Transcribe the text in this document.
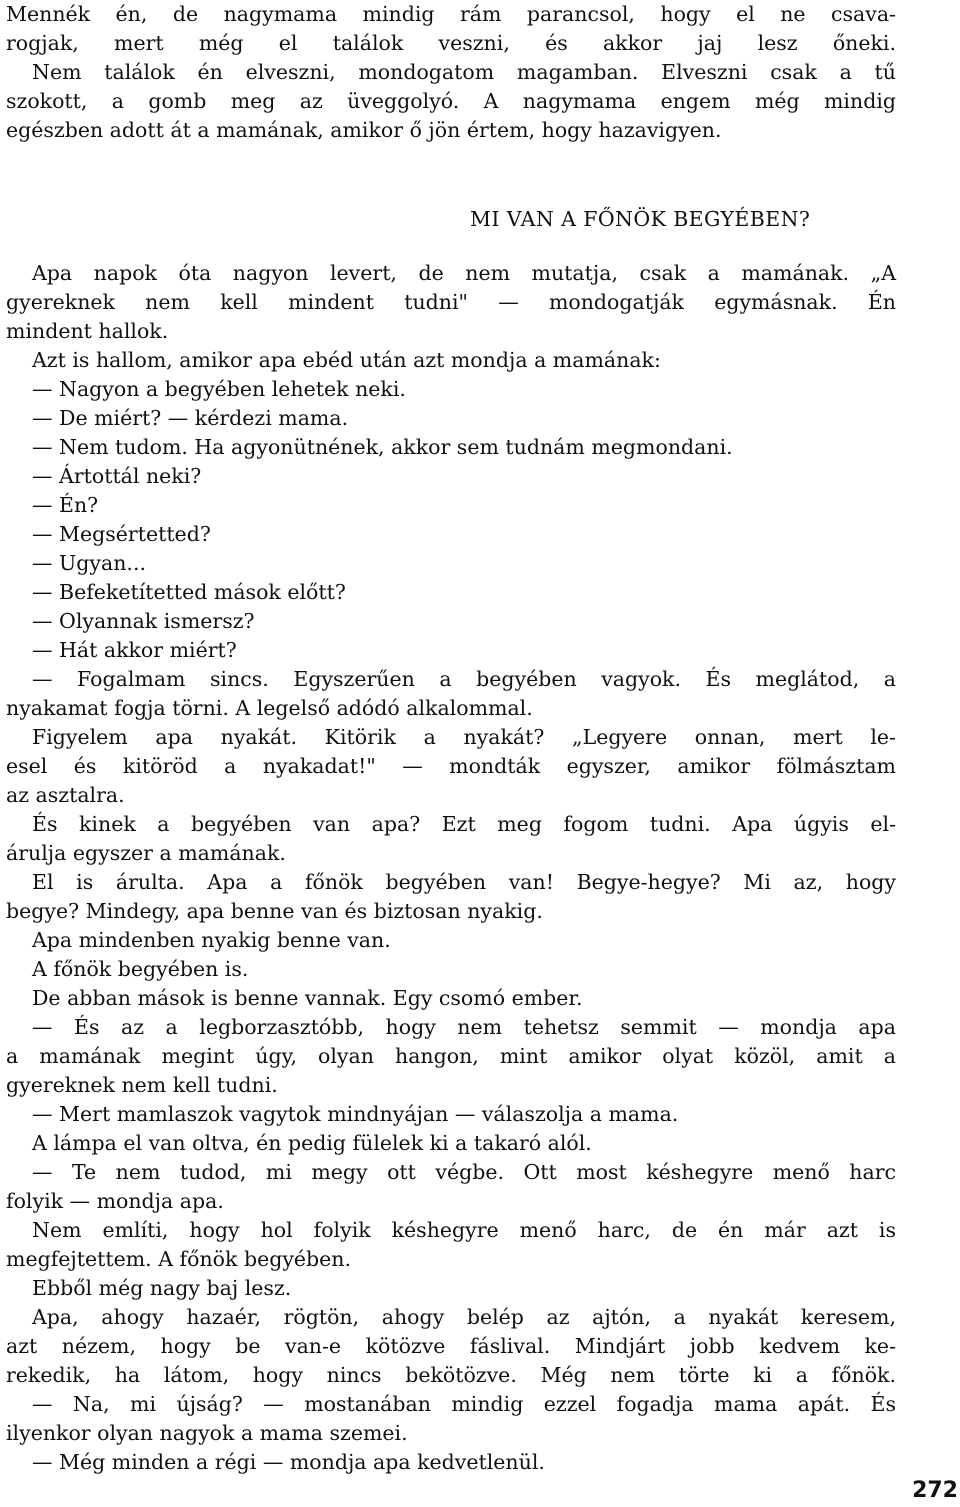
Mennék én, de nagymama mindig rám parancsol, hogy el ne csava-
rogjak, mert még el találok veszni, és akkor jaj lesz őneki.
Nem találok én elveszni, mondogatom magamban. Elveszni csak a tű
szokott, a gomb meg az üveggolyó. A nagymama engem még mindig
egészben adott át a mamának, amikor ő jön értem, hogy hazavigyen.
MI VAN A FŐNÖK BEGYÉBEN?
Apa napok óta nagyon levert, de nem mutatja, csak a mamának. „A
gyereknek nem kell mindent tudni" — mondogatják egymásnak. Én
mindent hallok.
Azt is hallom, amikor apa ebéd után azt mondja a mamának:
— Nagyon a begyében lehetek neki.
— De miért? — kérdezi mama.
— Nem tudom. Ha agyonütnének, akkor sem tudnám megmondani.
— Ártottál neki?
— Én?
— Megsértetted?
— Ugyan...
— Befeketítetted mások előtt?
— Olyannak ismersz?
— Hát akkor miért?
— Fogalmam sincs. Egyszerűen a begyében vagyok. És meglátod, a
nyakamat fogja törni. A legelső adódó alkalommal.
Figyelem apa nyakát. Kitörik a nyakát? „Legyere onnan, mert le-
esel és kitöröd a nyakadat!" — mondták egyszer, amikor fölmásztam
az asztalra.
És kinek a begyében van apa? Ezt meg fogom tudni. Apa úgyis el-
árulja egyszer a mamának.
El is árulta. Apa a főnök begyében van! Begye-hegye? Mi az, hogy
begye? Mindegy, apa benne van és biztosan nyakig.
Apa mindenben nyakig benne van.
A főnök begyében is.
De abban mások is benne vannak. Egy csomó ember.
— És az a legborzasztóbb, hogy nem tehetsz semmit — mondja apa
a mamának megint úgy, olyan hangon, mint amikor olyat közöl, amit a
gyereknek nem kell tudni.
— Mert mamlaszok vagytok mindnyájan — válaszolja a mama.
A lámpa el van oltva, én pedig fülelek ki a takaró alól.
— Te nem tudod, mi megy ott végbe. Ott most késhegyre menő harc
folyik — mondja apa.
Nem említi, hogy hol folyik késhegyre menő harc, de én már azt is
megfejtettem. A főnök begyében.
Ebből még nagy baj lesz.
Apa, ahogy hazaér, rögtön, ahogy belép az ajtón, a nyakát keresem,
azt nézem, hogy be van-e kötözve fáslival. Mindjárt jobb kedvem ke-
rekedik, ha látom, hogy nincs bekötözve. Még nem törte ki a főnök.
— Na, mi újság? — mostanában mindig ezzel fogadja mama apát. És
ilyenkor olyan nagyok a mama szemei.
— Még minden a régi — mondja apa kedvetlenül.
272
